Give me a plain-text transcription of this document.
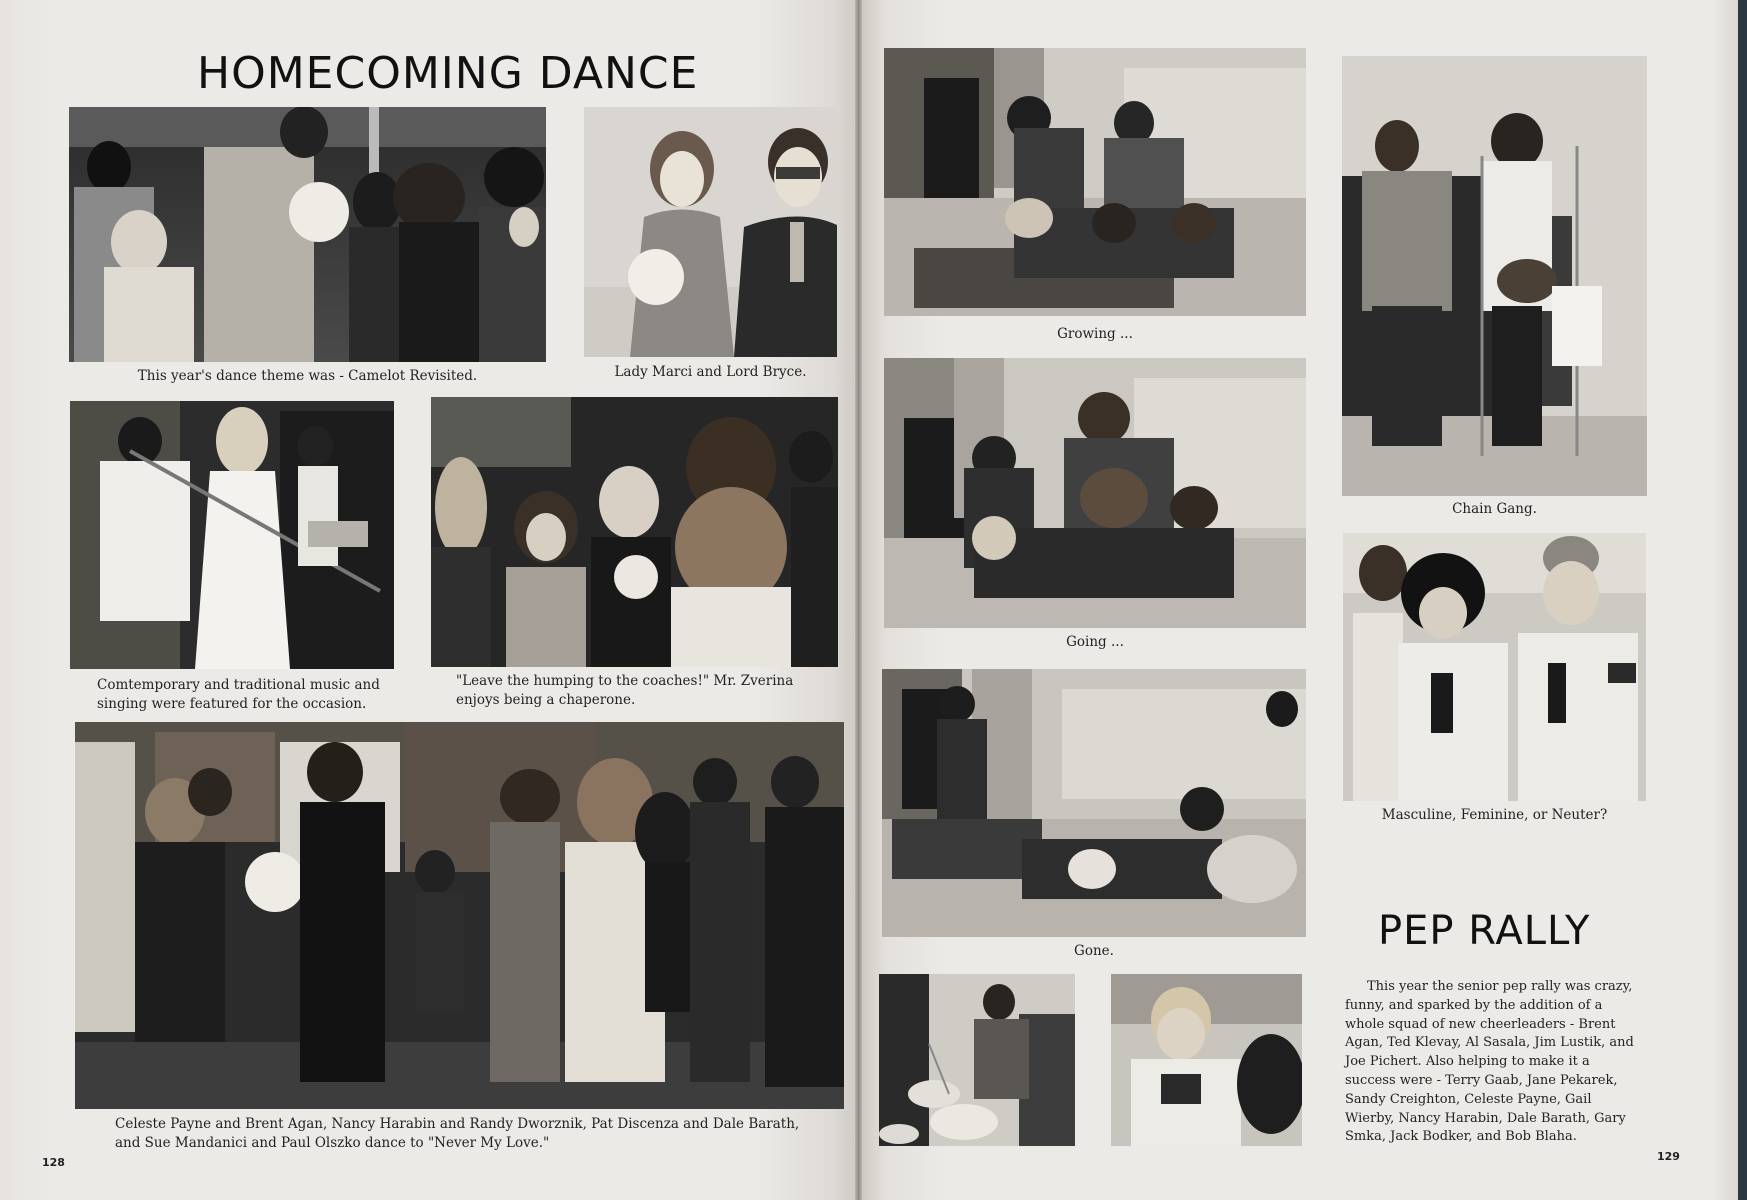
HOMECOMING DANCE
This year's dance theme was - Camelot Revisited.	Lady Marci and Lord Bryce.
Comtemporary and traditional music and singing were featured for the occasion.
"Leave the humping to the coaches!" Mr. Zverina enjoys being a chaperone.
Celeste Payne and Brent Agan, Nancy Harabin and Randy Dworznik, Pat Discenza and Dale Barath, and Sue Mandanici and Paul Olszko dance to "Never My Love."
128
Growing ...
Going ...
Gone.
Chain Gang.
Masculine, Feminine, or Neuter?
PEP RALLY
This year the senior pep rally was crazy, funny, and sparked by the addition of a whole squad of new cheerleaders - Brent Agan, Ted Klevay, Al Sasala, Jim Lustik, and Joe Pichert. Also helping to make it a success were - Terry Gaab, Jane Pekarek, Sandy Creighton, Celeste Payne, Gail Wierby, Nancy Harabin, Dale Barath, Gary Smka, Jack Bodker, and Bob Blaha.
129
